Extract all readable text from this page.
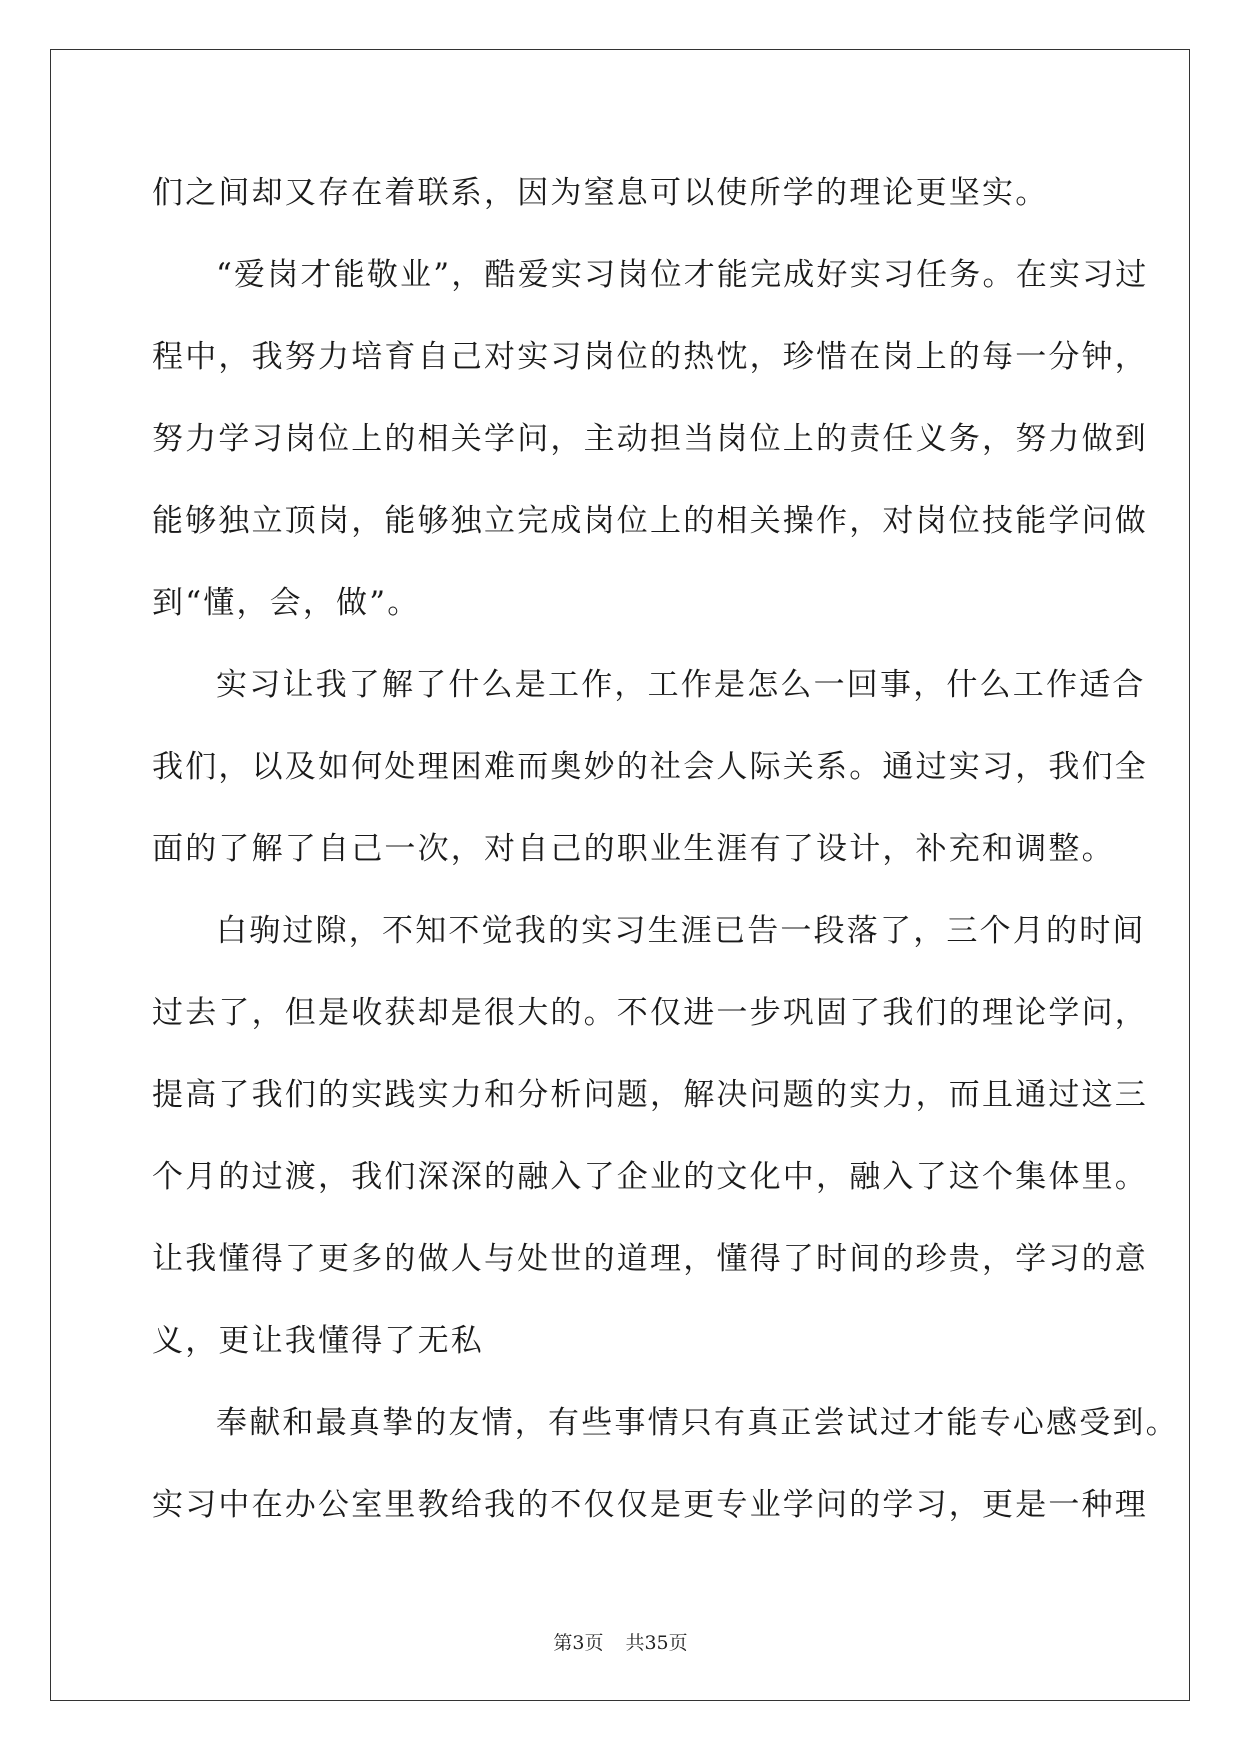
们之间却又存在着联系，因为窒息可以使所学的理论更坚实。
“爱岗才能敬业”，酷爱实习岗位才能完成好实习任务。在实习过
程中，我努力培育自己对实习岗位的热忱，珍惜在岗上的每一分钟，
努力学习岗位上的相关学问，主动担当岗位上的责任义务，努力做到
能够独立顶岗，能够独立完成岗位上的相关操作，对岗位技能学问做
到“懂，会，做”。
实习让我了解了什么是工作，工作是怎么一回事，什么工作适合
我们，以及如何处理困难而奥妙的社会人际关系。通过实习，我们全
面的了解了自己一次，对自己的职业生涯有了设计，补充和调整。
白驹过隙，不知不觉我的实习生涯已告一段落了，三个月的时间
过去了，但是收获却是很大的。不仅进一步巩固了我们的理论学问，
提高了我们的实践实力和分析问题，解决问题的实力，而且通过这三
个月的过渡，我们深深的融入了企业的文化中，融入了这个集体里。
让我懂得了更多的做人与处世的道理，懂得了时间的珍贵，学习的意
义，更让我懂得了无私
奉献和最真挚的友情，有些事情只有真正尝试过才能专心感受到。
实习中在办公室里教给我的不仅仅是更专业学问的学习，更是一种理
第3页 共35页
